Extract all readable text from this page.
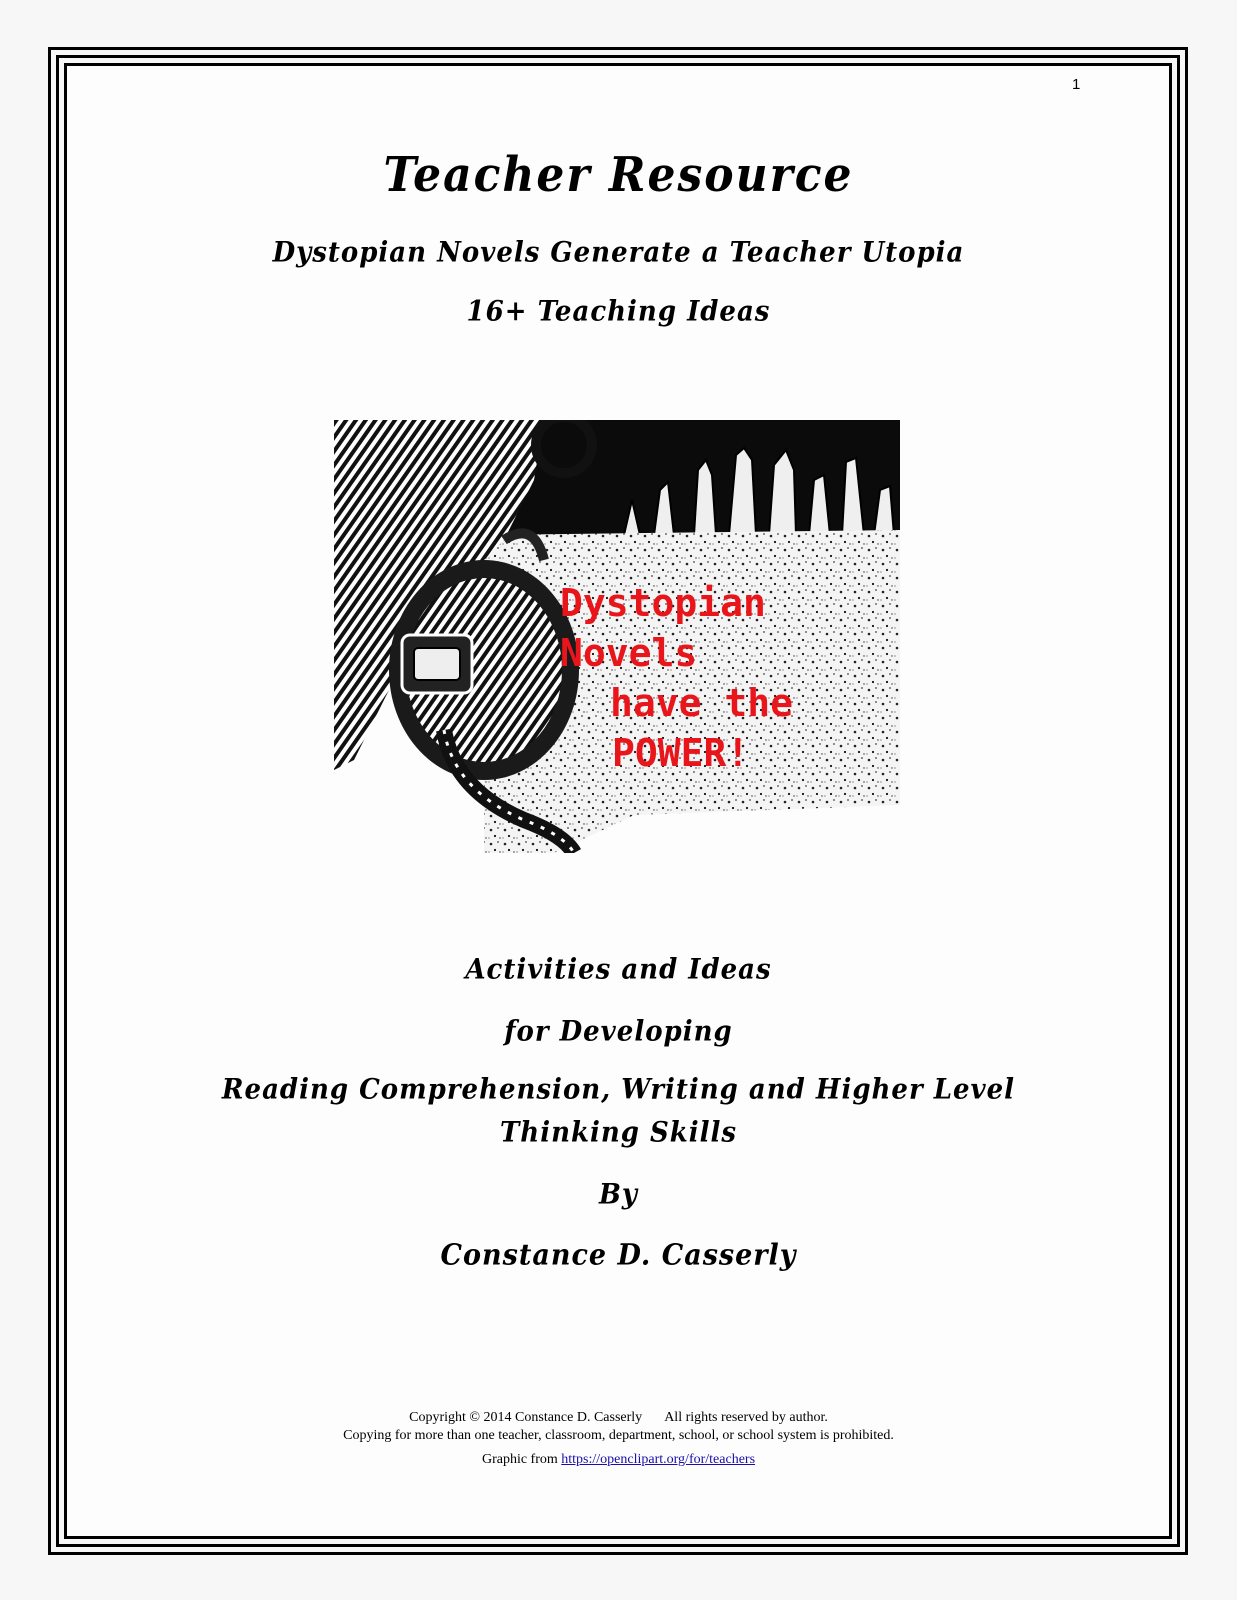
1
Teacher Resource
Dystopian Novels Generate a Teacher Utopia
16+ Teaching Ideas
Dystopian
Novels
have the
POWER!
Activities and Ideas
for Developing
Reading Comprehension, Writing and Higher Level
Thinking Skills
By
Constance D. Casserly
Copyright © 2014 Constance D. Casserly All rights reserved by author.
Copying for more than one teacher, classroom, department, school, or school system is prohibited.
Graphic from https://openclipart.org/for/teachers
